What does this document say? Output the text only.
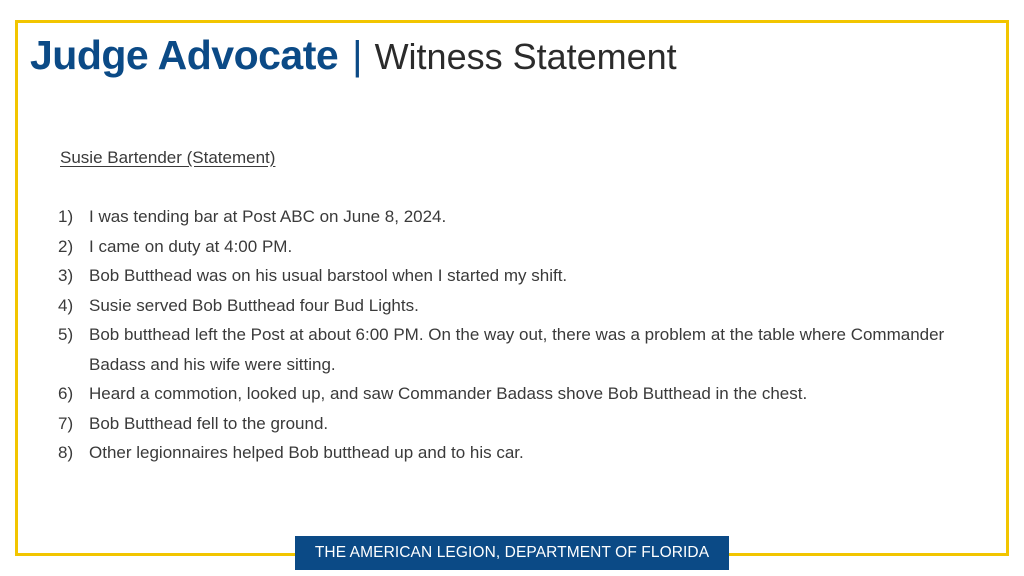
Judge Advocate | Witness Statement
Susie Bartender (Statement)
1) I was tending bar at Post ABC on June 8, 2024.
2) I came on duty at 4:00 PM.
3) Bob Butthead was on his usual barstool when I started my shift.
4) Susie served Bob Butthead four Bud Lights.
5) Bob butthead left the Post at about 6:00 PM. On the way out, there was a problem at the table where Commander Badass and his wife were sitting.
6) Heard a commotion, looked up, and saw Commander Badass shove Bob Butthead in the chest.
7) Bob Butthead fell to the ground.
8) Other legionnaires helped Bob butthead up and to his car.
THE AMERICAN LEGION, DEPARTMENT OF FLORIDA
